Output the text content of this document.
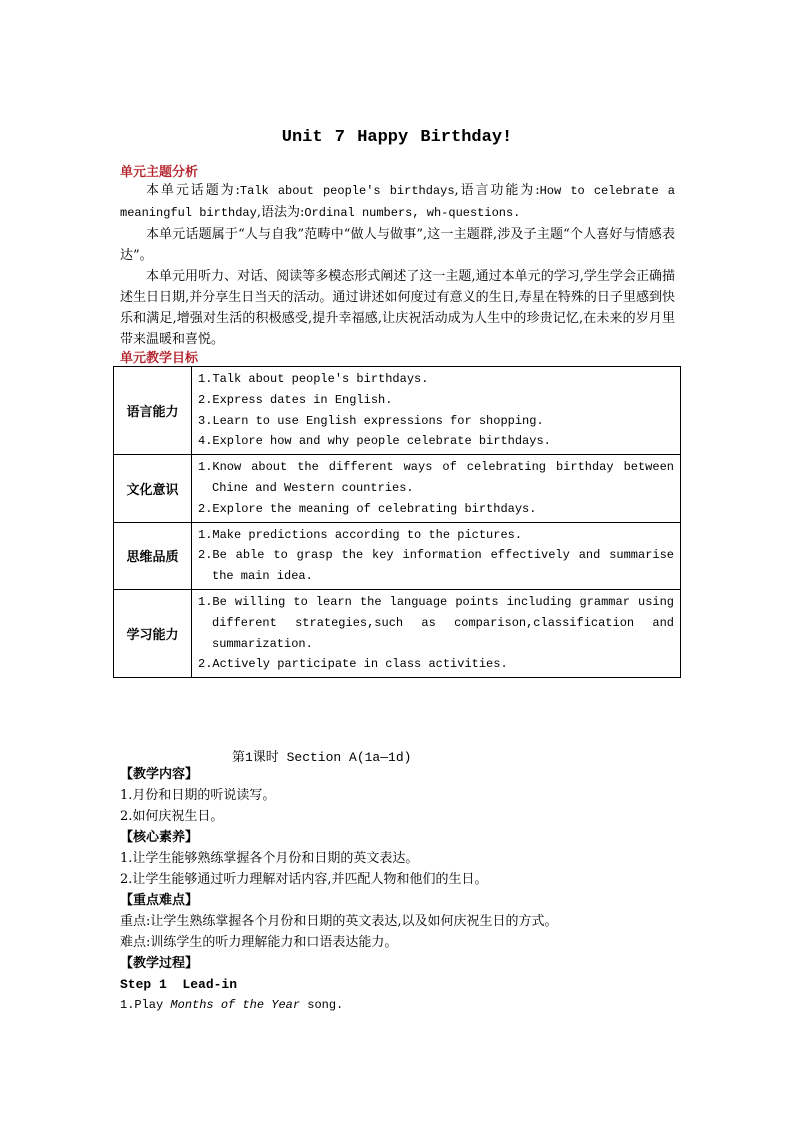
Unit 7 Happy Birthday!
单元主题分析
本单元话题为:Talk about people's birthdays,语言功能为:How to celebrate a meaningful birthday,语法为:Ordinal numbers, wh-questions.
本单元话题属于“人与自我”范畴中“做人与做事”,这一主题群,涉及子主题“个人喜好与情感表达”。
本单元用听力、对话、阅读等多模态形式阐述了这一主题,通过本单元的学习,学生学会正确描述生日日期,并分享生日当天的活动。通过讲述如何度过有意义的生日,寿星在特殊的日子里感到快乐和满足,增强对生活的积极感受,提升幸福感,让庆祝活动成为人生中的珍贵记忆,在未来的岁月里带来温暖和喜悦。
单元教学目标
语言能力	1.Talk about people's birthdays.
2.Express dates in English.
3.Learn to use English expressions for shopping.
4.Explore how and why people celebrate birthdays.

文化意识	1.Know about the different ways of celebrating birthday between Chine and Western countries.
2.Explore the meaning of celebrating birthdays.

思维品质	1.Make predictions according to the pictures.
2.Be able to grasp the key information effectively and summarise the main idea.

学习能力	1.Be willing to learn the language points including grammar using different strategies,such as comparison,classification and summarization.
2.Actively participate in class activities.
第1课时 Section A(1a—1d)
【教学内容】
1.月份和日期的听说读写。
2.如何庆祝生日。
【核心素养】
1.让学生能够熟练掌握各个月份和日期的英文表达。
2.让学生能够通过听力理解对话内容,并匹配人物和他们的生日。
【重点难点】
重点:让学生熟练掌握各个月份和日期的英文表达,以及如何庆祝生日的方式。
难点:训练学生的听力理解能力和口语表达能力。
【教学过程】
Step 1  Lead-in
1.Play Months of the Year song.
